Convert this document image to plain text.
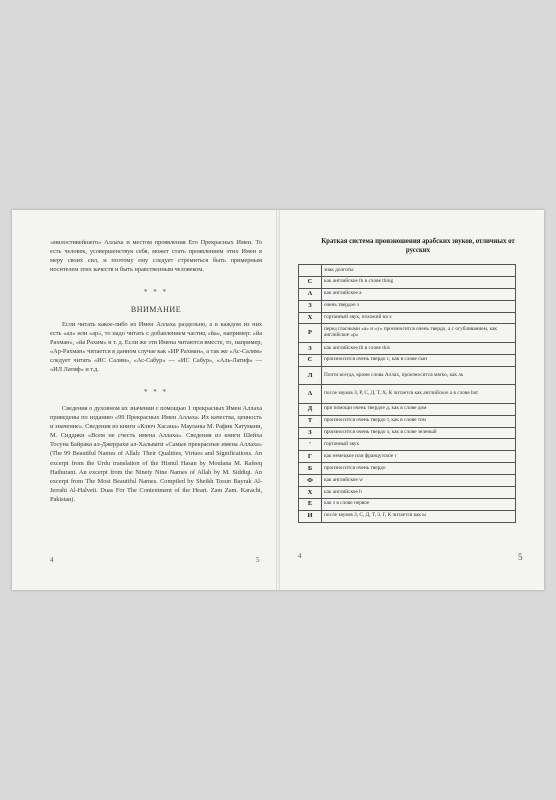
«милостивейшего» Аллаха и местом проявления Его Прекрасных Имен. То есть человек, усовершенствуя себя, может стать проявлением этих Имен в меру своих сил, и поэтому ему следует стремиться быть примерным носителем этих качеств и быть нравственным человеком.

* * *
ВНИМАНИЕ

Если читать какое-либо из Имен Аллаха раздельно, а в каждом из них есть «ал» или «ар», то надо читать с добавлением частиц «йа», например: «йа Рахман», «йа Рахим» и т. д. Если же эти Имена читаются вместе, то, например, «Ар-Рахман» читается в данном случае как «ИР Рахман», а так же «Ас-Салям» следует читать «ИС Салям», «Ас-Сабур» — «ИС Сабур», «Аль-Латиф» — «ИЛ Латиф» и т.д.

* * *

Сведения о духовном их значении с помощью 1 прекрасных Имен Аллаха приведены по изданию «99 Прекрасных Имен Аллаха. Их качества, ценность и значение». Сведения из книги «Ключ Хасана» Мауланы М. Рафик Хатумани, М. Сиддики «Всем не счесть имена Аллаха». Сведения из книги Шейха Тосуна Байрака ал-Джеррахи ал-Хальвати «Самые прекрасные имена Аллаха» (The 99 Beautiful Names of Allah: Their Qualities, Virtues and Significations. An excerpt from the Urdu translation of the Hisnul Hasan by Moulana M. Rafeeq Hathurani. An excerpt from the Ninety Nine Names of Allah by M. Siddiqi. An excerpt from The Most Beautiful Names. Compiled by Sheikh Tosun Bayrak Al-Jerrahi Al-Halveti. Duas For The Contentment of the Heart. Zam Zam. Karachi, Pakistan).

4	5
Краткая система произношения арабских звуков, отличных от русских
	знак долготы
С	как английское th в слове thing
А	как английское а
З	очень твердое з
Х	гортанный звук, похожий на х
Р	перед гласными «а» и «у» произносится очень твердо, а с огубливанием, как английское «р»
З	как английское th в слове this
С	произносится очень твердо с, как в слове сын
Л	Почти всегда, кроме слова Аллах, произносится мягко, как ль
А	после звуков З, Р, С, Д, Т, Х, К читается как английское а в слове hut
Д	при помощи очень твердое д, как в слове дом
Т	произносится очень твердо т, как в слове том
З	произносится очень твердо з, как в слове зеленый
'	гортанный звук
Г	как немецкое или французское r
Б	произносится очень твердо
Ф	как английское w
Х	как английское h
Е	как э в слове первое
И	после звуков З, С, Д, Т, З, Г, К читается как ы
4	5
